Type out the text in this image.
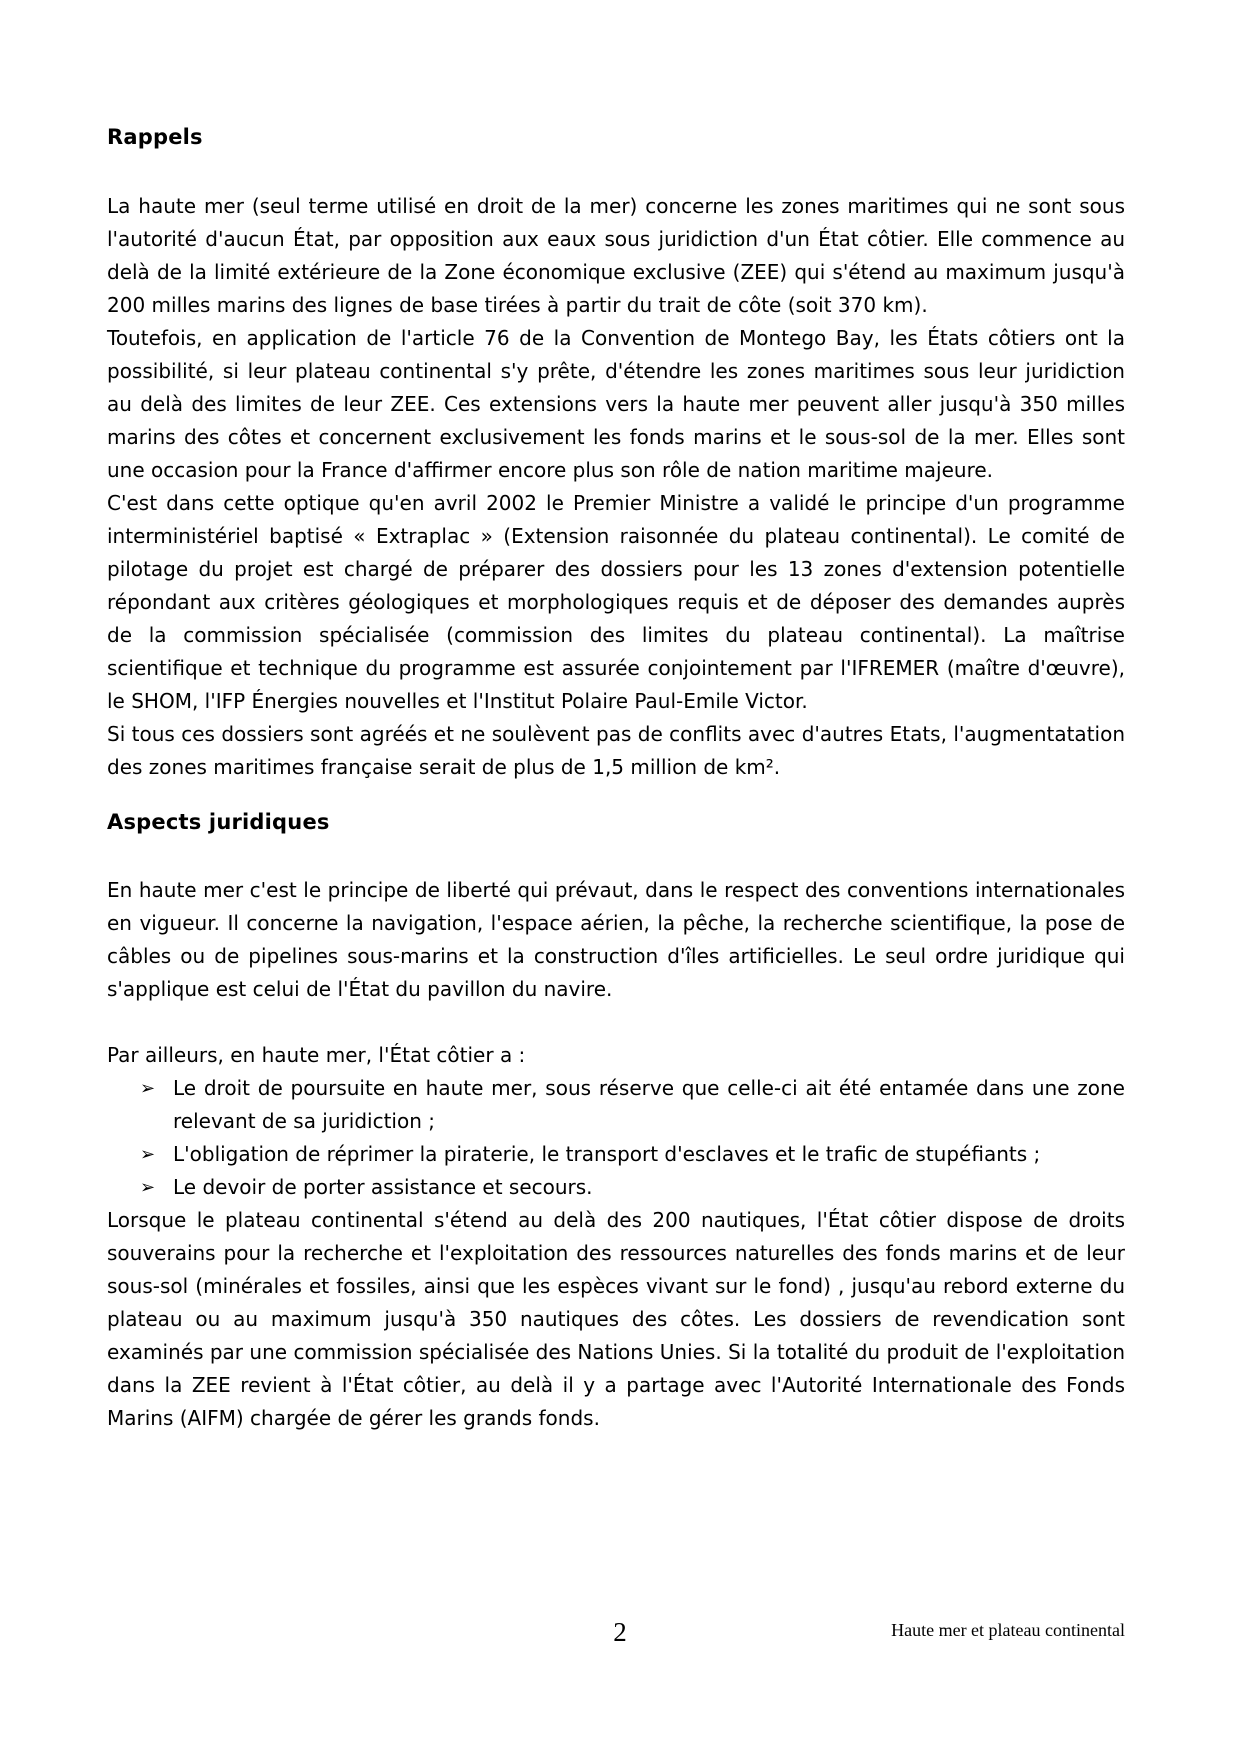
Rappels

La haute mer (seul terme utilisé en droit de la mer) concerne les zones maritimes qui ne sont sous l'autorité d'aucun État, par opposition aux eaux sous juridiction d'un État côtier. Elle commence au delà de la limité extérieure de la Zone économique exclusive (ZEE) qui s'étend au maximum jusqu'à 200 milles marins des lignes de base tirées à partir du trait de côte (soit 370 km).

Toutefois, en application de l'article 76 de la Convention de Montego Bay, les États côtiers ont la possibilité, si leur plateau continental s'y prête, d'étendre les zones maritimes sous leur juridiction au delà des limites de leur ZEE. Ces extensions vers la haute mer peuvent aller jusqu'à 350 milles marins des côtes et concernent exclusivement les fonds marins et le sous-sol de la mer. Elles sont une occasion pour la France d'affirmer encore plus son rôle de nation maritime majeure.

C'est dans cette optique qu'en avril 2002 le Premier Ministre a validé le principe d'un programme interministériel baptisé « Extraplac » (Extension raisonnée du plateau continental). Le comité de pilotage du projet est chargé de préparer des dossiers pour les 13 zones d'extension potentielle répondant aux critères géologiques et morphologiques requis et de déposer des demandes auprès de la commission spécialisée (commission des limites du plateau continental). La maîtrise scientifique et technique du programme est assurée conjointement par l'IFREMER (maître d'œuvre), le SHOM, l'IFP Énergies nouvelles et l'Institut Polaire Paul-Emile Victor.

Si tous ces dossiers sont agréés et ne soulèvent pas de conflits avec d'autres Etats, l'augmentatation des zones maritimes française serait de plus de 1,5 million de km².

Aspects juridiques

En haute mer c'est le principe de liberté qui prévaut, dans le respect des conventions internationales en vigueur. Il concerne la navigation, l'espace aérien, la pêche, la recherche scientifique, la pose de câbles ou de pipelines sous-marins et la construction d'îles artificielles. Le seul ordre juridique qui s'applique est celui de l'État du pavillon du navire.

Par ailleurs, en haute mer, l'État côtier a :

➢ Le droit de poursuite en haute mer, sous réserve que celle-ci ait été entamée dans une zone relevant de sa juridiction ;
➢ L'obligation de réprimer la piraterie, le transport d'esclaves et le trafic de stupéfiants ;
➢ Le devoir de porter assistance et secours.

Lorsque le plateau continental s'étend au delà des 200 nautiques, l'État côtier dispose de droits souverains pour la recherche et l'exploitation des ressources naturelles des fonds marins et de leur sous-sol (minérales et fossiles, ainsi que les espèces vivant sur le fond) , jusqu'au rebord externe du plateau ou au maximum jusqu'à 350 nautiques des côtes. Les dossiers de revendication sont examinés par une commission spécialisée des Nations Unies. Si la totalité du produit de l'exploitation dans la ZEE revient à l'État côtier, au delà il y a partage avec l'Autorité Internationale des Fonds Marins (AIFM) chargée de gérer les grands fonds.

2	Haute mer et plateau continental
